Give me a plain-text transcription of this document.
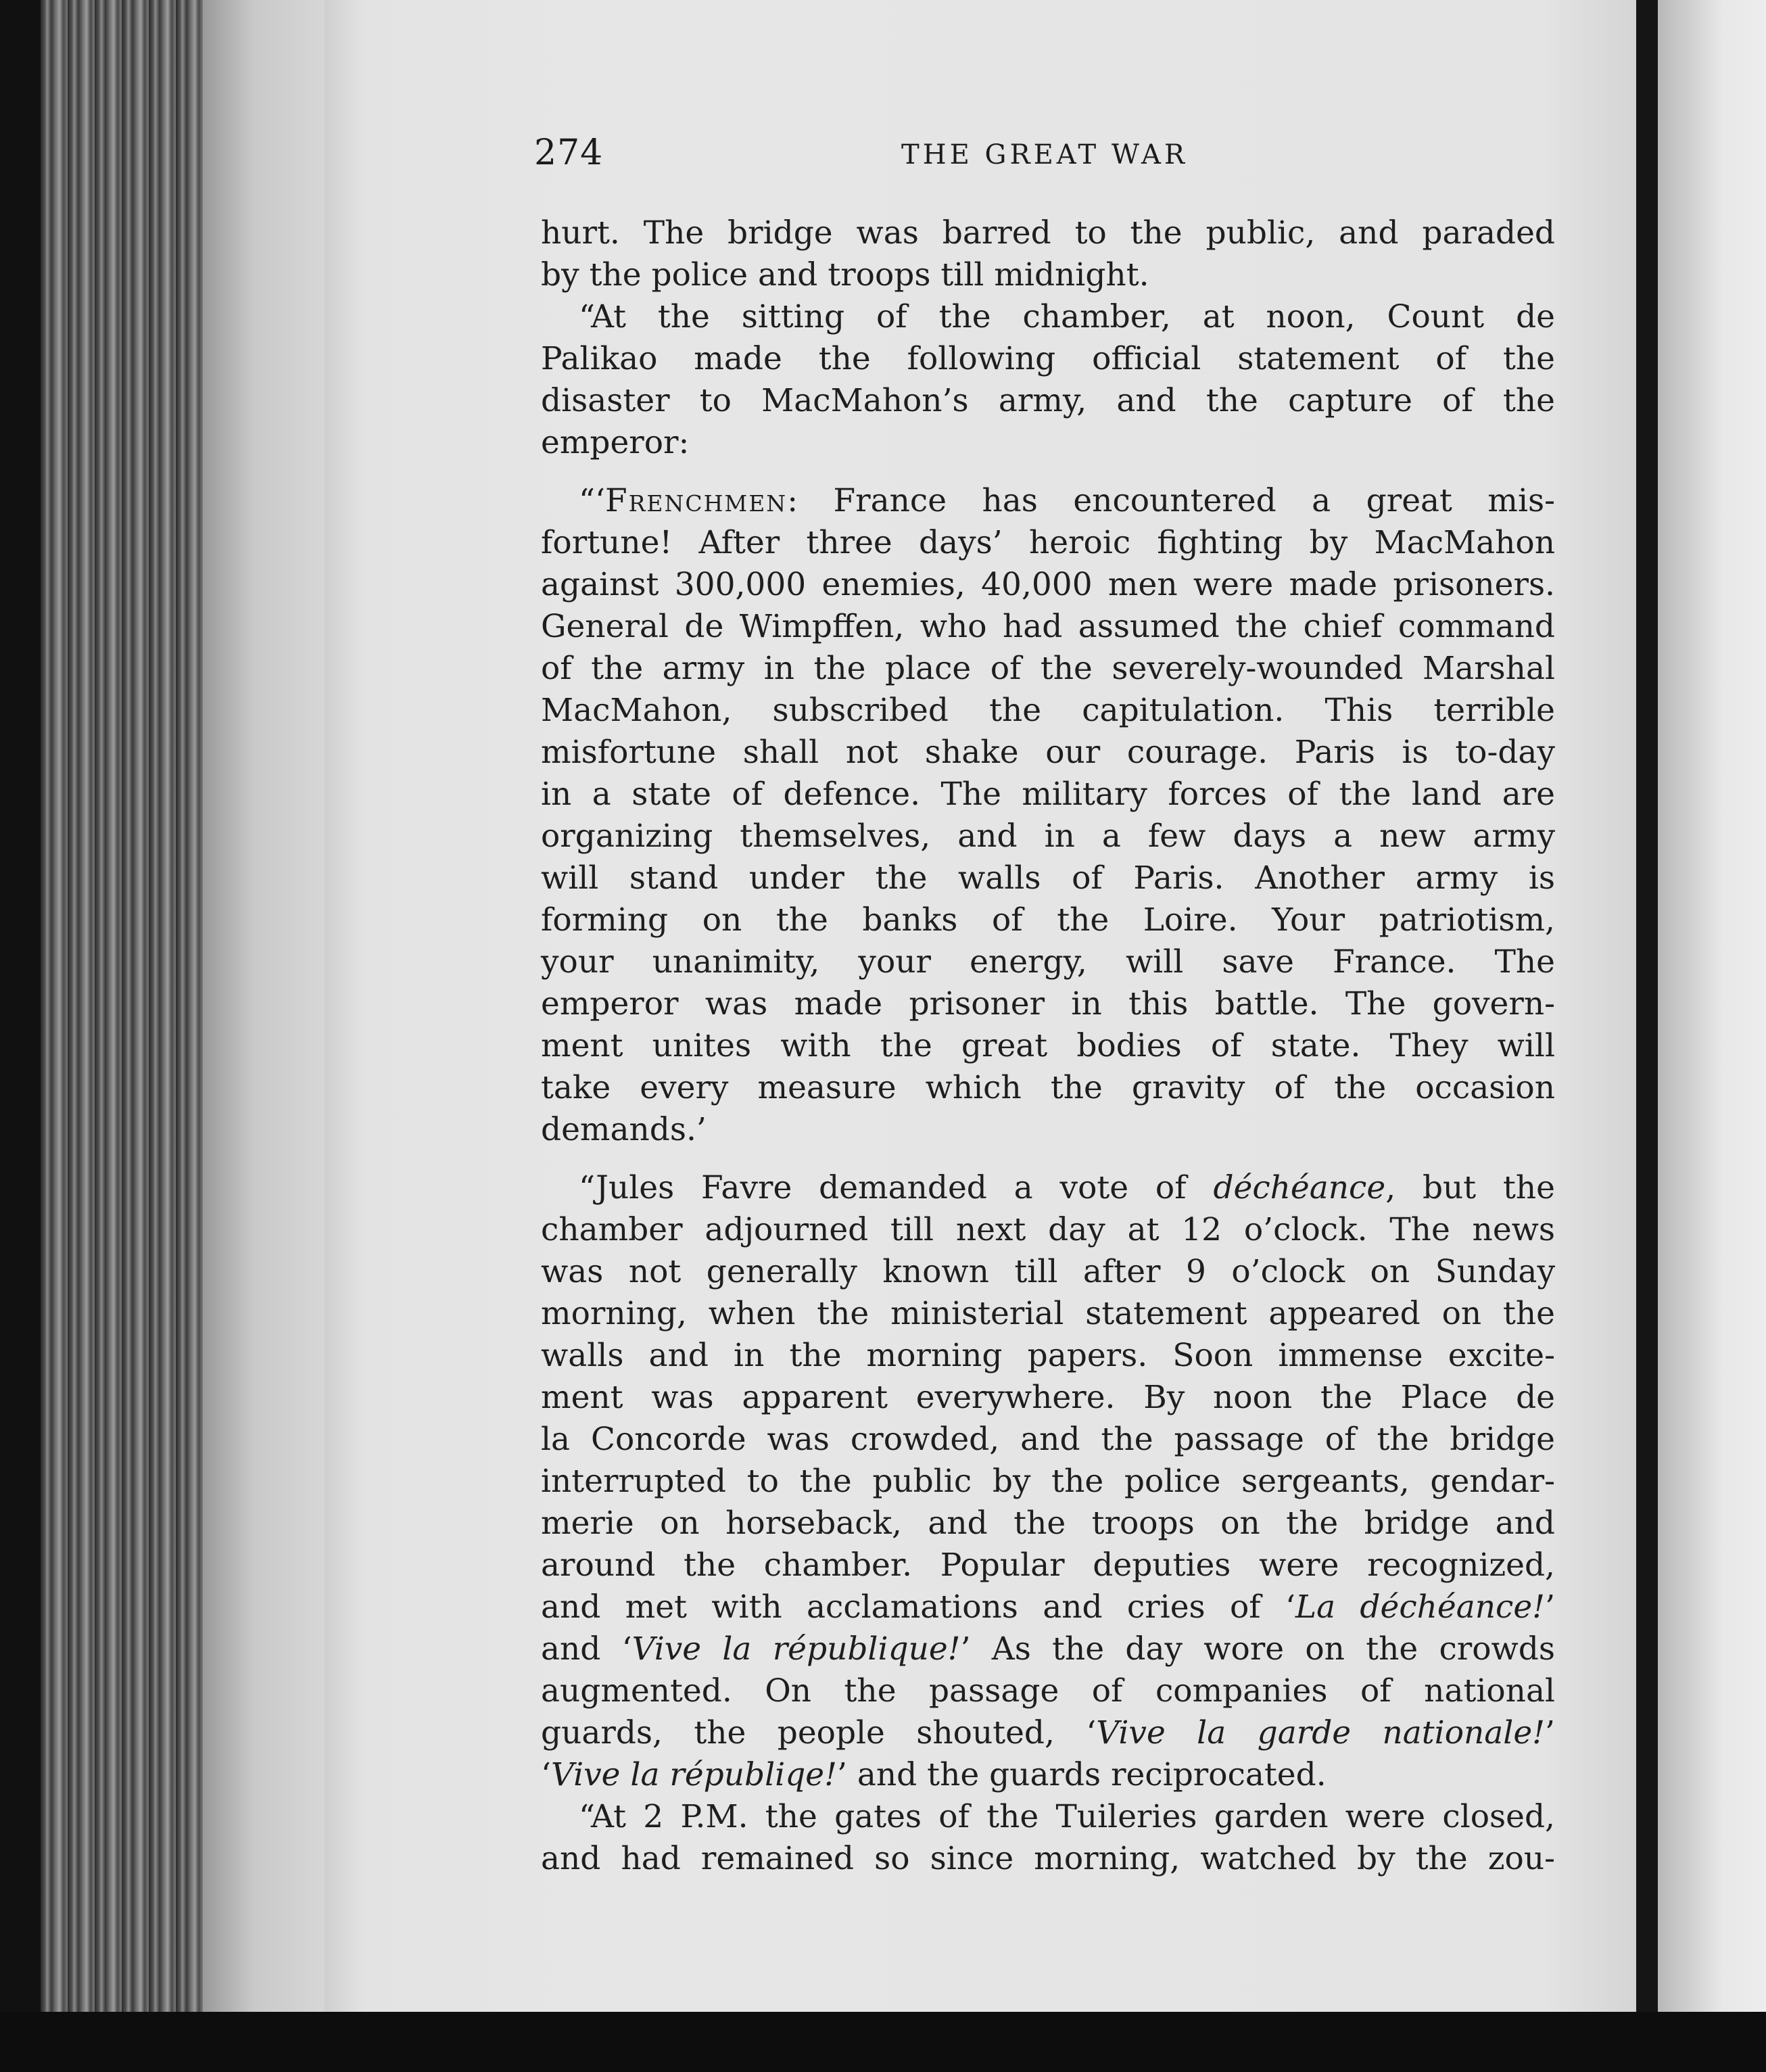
274	THE GREAT WAR
hurt. The bridge was barred to the public, and paraded
by the police and troops till midnight.
“At the sitting of the chamber, at noon, Count de
Palikao made the following official statement of the
disaster to MacMahon’s army, and the capture of the
emperor:
“‘Frenchmen: France has encountered a great mis-
fortune! After three days’ heroic fighting by MacMahon
against 300,000 enemies, 40,000 men were made prisoners.
General de Wimpffen, who had assumed the chief command
of the army in the place of the severely-wounded Marshal
MacMahon, subscribed the capitulation. This terrible
misfortune shall not shake our courage. Paris is to-day
in a state of defence. The military forces of the land are
organizing themselves, and in a few days a new army
will stand under the walls of Paris. Another army is
forming on the banks of the Loire. Your patriotism,
your unanimity, your energy, will save France. The
emperor was made prisoner in this battle. The govern-
ment unites with the great bodies of state. They will
take every measure which the gravity of the occasion
demands.’
“Jules Favre demanded a vote of déchéance, but the
chamber adjourned till next day at 12 o’clock. The news
was not generally known till after 9 o’clock on Sunday
morning, when the ministerial statement appeared on the
walls and in the morning papers. Soon immense excite-
ment was apparent everywhere. By noon the Place de
la Concorde was crowded, and the passage of the bridge
interrupted to the public by the police sergeants, gendar-
merie on horseback, and the troops on the bridge and
around the chamber. Popular deputies were recognized,
and met with acclamations and cries of ‘La déchéance!’
and ‘Vive la république!’ As the day wore on the crowds
augmented. On the passage of companies of national
guards, the people shouted, ‘Vive la garde nationale!’
‘Vive la républiqe!’ and the guards reciprocated.
“At 2 P.M. the gates of the Tuileries garden were closed,
and had remained so since morning, watched by the zou-
